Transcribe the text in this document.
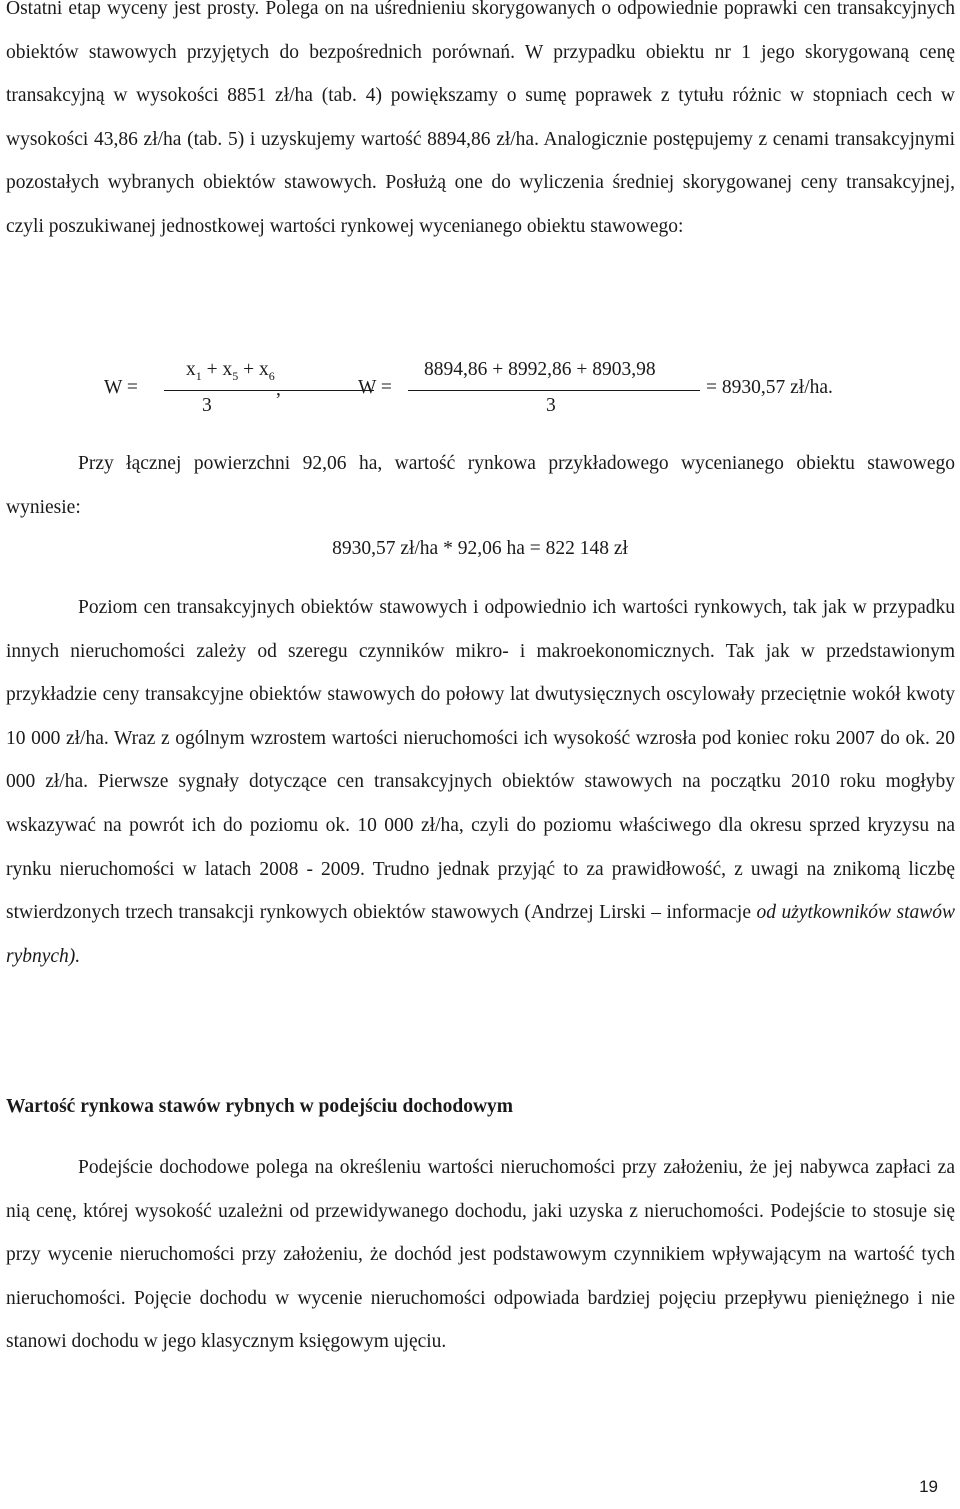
Ostatni etap wyceny jest prosty. Polega on na uśrednieniu skorygowanych o odpowiednie poprawki cen transakcyjnych obiektów stawowych przyjętych do bezpośrednich porównań. W przypadku obiektu nr 1 jego skorygowaną cenę transakcyjną w wysokości 8851 zł/ha (tab. 4) powiększamy o sumę poprawek z tytułu różnic w stopniach cech w wysokości 43,86 zł/ha (tab. 5) i uzyskujemy wartość 8894,86 zł/ha. Analogicznie postępujemy z cenami transakcyjnymi pozostałych wybranych obiektów stawowych. Posłużą one do wyliczenia średniej skorygowanej ceny transakcyjnej, czyli poszukiwanej jednostkowej wartości rynkowej wycenianego obiektu stawowego:

W =
$x_1 + x_5 + x_6$
3
,	W =
8894,86 + 8992,86 + 8903,98
3
= 8930,57 zł/ha.

Przy łącznej powierzchni 92,06 ha, wartość rynkowa przykładowego wycenianego obiektu stawowego wyniesie:

8930,57 zł/ha * 92,06 ha = 822 148 zł

Poziom cen transakcyjnych obiektów stawowych i odpowiednio ich wartości rynkowych, tak jak w przypadku innych nieruchomości zależy od szeregu czynników mikro- i makroekonomicznych. Tak jak w przedstawionym przykładzie ceny transakcyjne obiektów stawowych do połowy lat dwutysięcznych oscylowały przeciętnie wokół kwoty 10 000 zł/ha. Wraz z ogólnym wzrostem wartości nieruchomości ich wysokość wzrosła pod koniec roku 2007 do ok. 20 000 zł/ha. Pierwsze sygnały dotyczące cen transakcyjnych obiektów stawowych na początku 2010 roku mogłyby wskazywać na powrót ich do poziomu ok. 10 000 zł/ha, czyli do poziomu właściwego dla okresu sprzed kryzysu na rynku nieruchomości w latach 2008 - 2009. Trudno jednak przyjąć to za prawidłowość, z uwagi na znikomą liczbę stwierdzonych trzech transakcji rynkowych obiektów stawowych (Andrzej Lirski – informacje od użytkowników stawów rybnych).

Wartość rynkowa stawów rybnych w podejściu dochodowym

Podejście dochodowe polega na określeniu wartości nieruchomości przy założeniu, że jej nabywca zapłaci za nią cenę, której wysokość uzależni od przewidywanego dochodu, jaki uzyska z nieruchomości. Podejście to stosuje się przy wycenie nieruchomości przy założeniu, że dochód jest podstawowym czynnikiem wpływającym na wartość tych nieruchomości. Pojęcie dochodu w wycenie nieruchomości odpowiada bardziej pojęciu przepływu pieniężnego i nie stanowi dochodu w jego klasycznym księgowym ujęciu.

19
